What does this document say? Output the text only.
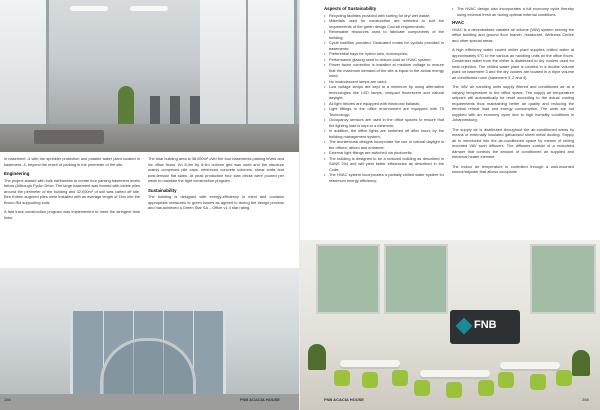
in basement -4 with the sprinkler protection and potable water plant located in basement -4, beyond the reach of parking to the perimeter of the site.

Engineering

The project started with bulk earthworks to create four parking basement levels below (Although Fyckn Drive. The large basement was formed with lobbie piles around the perimeter of the building and 32,000m³ of soil was carted off site. Ben Kriben augured piles were installed with an average length of 16m into the Bruno Rid supporting soils.

A fast track construction program was implemented to meet the stringent time lines.

The total building area is 38,000m² over the four basements parking levels and six office floors. An 8,4m by 8,4m column grid was used and the structure mainly comprised pile caps, reinforced concrete columns, shear walls and post-tension flat slabs. At peak production four slab decks were poured per week to maintain the tight construction program.

Sustainability

The building is designed with energy-efficiency in mind and contains appropriate measures to green issues as agreed to during the design process and has achieved a Green Star SA – Office v1 4 star rating.

286	FNB ACACIA HOUSE
Aspects of Sustainability
• Recycling facilities provided with sorting for dry/ wet waste;
• Materials used for construction are selected to suit the requirements of the green design Council requirements;
• Renewable resources used to fabricate components of the building;
• Cycle facilities provided. Dedicated routes for cyclists provided in basements;
• Preferential bays for hybrid cars, motorcycles;
• Performance glazing used to reduce load on HVAC system;
• Power factor correction is installed at medium voltage to ensure that the maximum demand of the site is equal to the actual energy used;
• No incandescent lamps are used;
• Low voltage lamps are kept to a minimum by using alternative technologies like LED lamps, compact fluorescent and natural daylight;
• All light fixtures are equipped with electronic ballasts;
• Light fittings in the office environment are equipped with T5 Technology;
• Occupancy sensors are used in the office spaces to ensure that the lighting load is kept to a minimum;
• In addition, the office lights are switched off after hours by the building management system;
• The architectural designs incorporate the use of natural daylight in the offices, atrium and entrance;
• External light fittings are switched via photocells;
• The building is designed to be a reduced building as described in SANS 204 and will yield better efficiencies as described in the Code;
• The HVAC system incorporates a partially chilled water system for maximum energy efficiency;
• The HVAC design also incorporates a full economy cycle thereby using external fresh air during optimal external conditions.
HVAC

HVAC is a decentralised variable air volume (VAV) system serving the office building and ground floor branch, restaurant, Wellness Centre and other special areas.

A high efficiency water cooled chiller plant supplies chilled water at approximately 6°C to the various air handling units on the office floors. Condenser water from the chiller is distributed to dry coolers used for heat rejection. The chilled water plant is located in a double volume plant on basement 3 and the dry coolers are located in a triple volume air conditioned room (basement 3, 2 and 4).

The VAV air handling units supply filtered and conditioned air at a varying temperature to the office space. The supply air temperature setpoint will automatically be reset according to the actual cooling requirements thus maintaining better air quality and reducing the terminal reheat load and energy consumption. The units are not supplied with an economy cycle due to high humidity conditions in Johannesburg.

The supply air is distributed throughout the air-conditioned areas by means of externally insulated galvanised sheet metal ducting. Supply air is introduced into the air-conditioned space by means of ceiling mounted VAV swirl diffusers. The diffusers consist of a motorised damper that controls the amount of conditioned air supplied and electrical heater element.

The indoor air temperature is controlled through a wall-mounted sensor/adjuster that allows occupants

FNB
FNB ACACIA HOUSE	288
